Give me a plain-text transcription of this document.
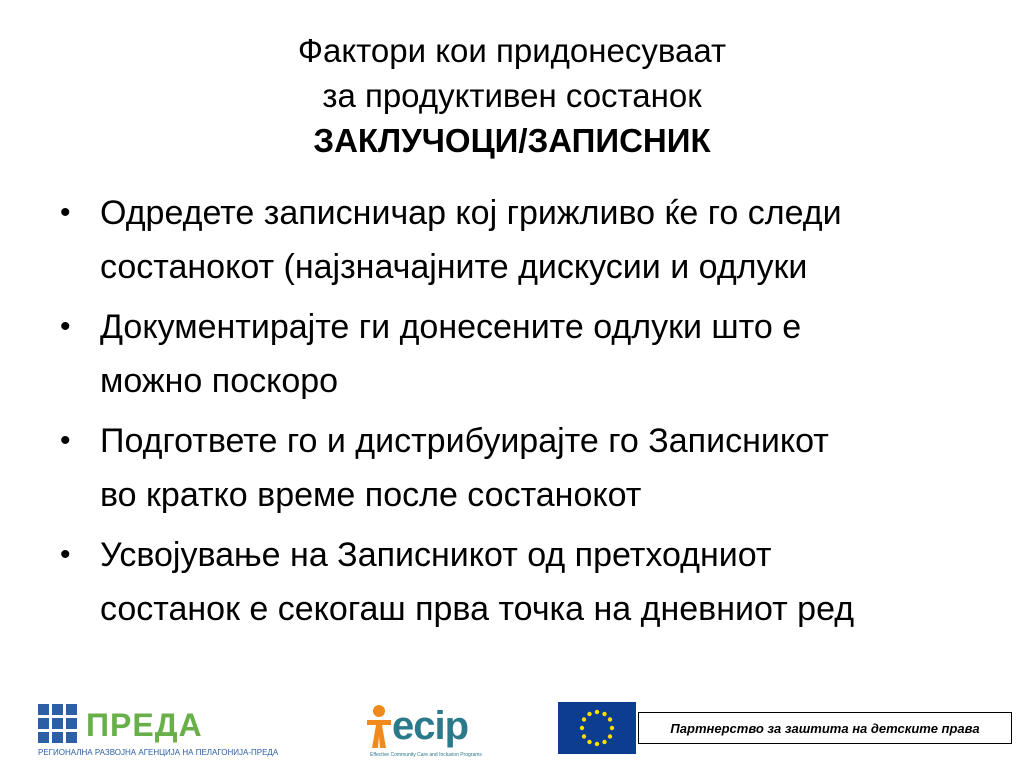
Фактори кои придонесуваат
за продуктивен состанок
ЗАКЛУЧОЦИ/ЗАПИСНИК
• Одредете записничар кој грижливо ќе го следи
состанокот (најзначајните дискусии и одлуки
• Документирајте ги донесените одлуки што е
можно поскоро
• Подгответе го и дистрибуирајте го Записникот
во кратко време после состанокот
• Усвојување на Записникот од претходниот
состанок е секогаш прва точка на дневниот ред
ПРЕДА
РЕГИОНАЛНА РАЗВОЈНА АГЕНЦИЈА НА ПЕЛАГОНИЈА-ПРЕДА
ecip
Effective Community Care and Inclusion Programs
Партнерство за заштита на детските права
